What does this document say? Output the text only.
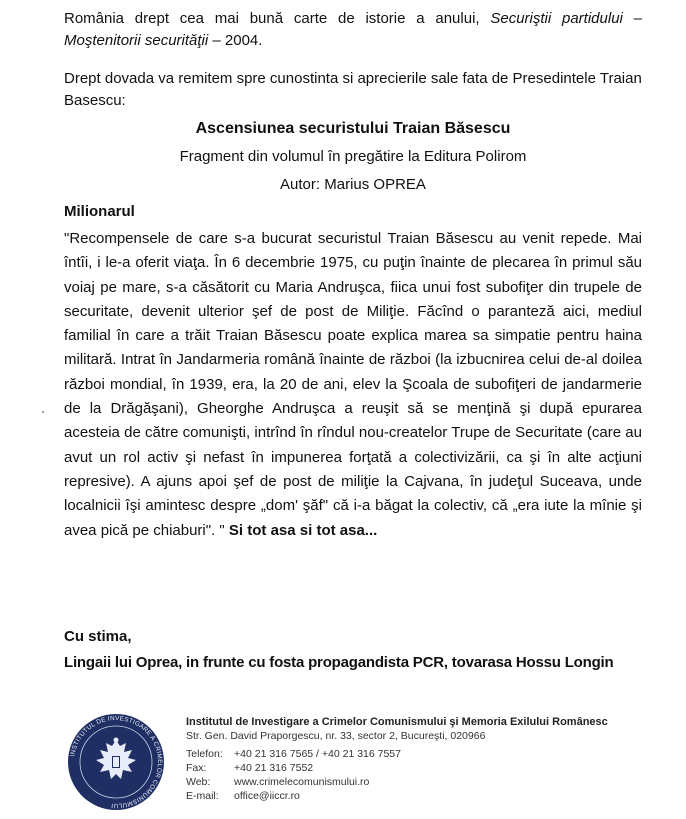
România drept cea mai bună carte de istorie a anului, Securiştii partidului – Moştenitorii securităţii – 2004.

Drept dovada va remitem spre cunostinta si aprecierile sale fata de Presedintele Traian Basescu:

Ascensiunea securistului Traian Băsescu

Fragment din volumul în pregătire la Editura Polirom

Autor: Marius OPREA

Milionarul

"Recompensele de care s-a bucurat securistul Traian Băsescu au venit repede. Mai întîi, i le-a oferit viaţa. În 6 decembrie 1975, cu puţin înainte de plecarea în primul său voiaj pe mare, s-a căsătorit cu Maria Andruşca, fiica unui fost subofiţer din trupele de securitate, devenit ulterior şef de post de Miliţie. Făcînd o paranteză aici, mediul familial în care a trăit Traian Băsescu poate explica marea sa simpatie pentru haina militară. Intrat în Jandarmeria română înainte de război (la izbucnirea celui de-al doilea război mondial, în 1939, era, la 20 de ani, elev la Şcoala de subofiţeri de jandarmerie de la Drăgăşani), Gheorghe Andruşca a reuşit să se menţină şi după epurarea acesteia de către comunişti, intrînd în rîndul nou-createlor Trupe de Securitate (care au avut un rol activ şi nefast în impunerea forţată a colectivizării, ca şi în alte acţiuni represive). A ajuns apoi şef de post de miliţie la Cajvana, în judeţul Suceava, unde localnicii îşi amintesc despre „dom' şăf" că i-a băgat la colectiv, că „era iute la mînie şi avea pică pe chiaburi". " Si tot asa si tot asa...

Cu stima,

Lingaii lui Oprea, in frunte cu fosta propagandista PCR, tovarasa Hossu Longin

INSTITUTUL DE INVESTIGARE A CRIMELOR COMUNISMULUI
Institutul de Investigare a Crimelor Comunismului şi Memoria Exilului Românesc
Str. Gen. David Praporgescu, nr. 33, sector 2, Bucureşti, 020966
Telefon:	+40 21 316 7565 / +40 21 316 7557
Fax:	+40 21 316 7552
Web:	www.crimelecomunismului.ro
E-mail:	office@iiccr.ro
